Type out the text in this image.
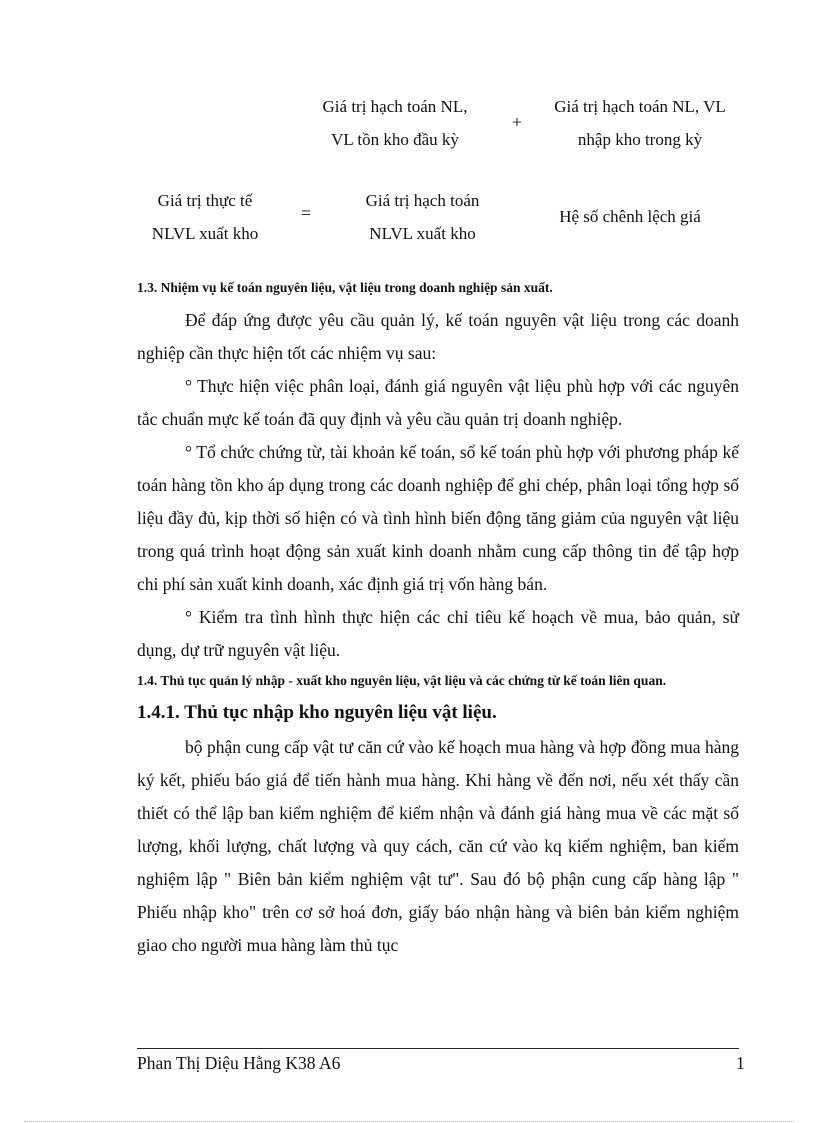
Giá trị hạch toán NL,
VL tồn kho đầu kỳ
+
Giá trị hạch toán NL, VL
nhập kho trong kỳ
Giá trị thực tế
NLVL xuất kho
=
Giá trị hạch toán
NLVL xuất kho
Hệ số chênh lệch giá

1.3. Nhiệm vụ kế toán nguyên liệu, vật liệu trong doanh nghiệp sản xuất.

Để đáp ứng được yêu cầu quản lý, kế toán nguyên vật liệu trong các doanh nghiệp cần thực hiện tốt các nhiệm vụ sau:

° Thực hiện việc phân loại, đánh giá nguyên vật liệu phù hợp với các nguyên tắc chuẩn mực kế toán đã quy định và yêu cầu quản trị doanh nghiệp.

° Tổ chức chứng từ, tài khoản kế toán, sổ kế toán phù hợp với phương pháp kế toán hàng tồn kho áp dụng trong các doanh nghiệp để ghi chép, phân loại tổng hợp số liệu đầy đủ, kịp thời số hiện có và tình hình biến động tăng giảm của nguyên vật liệu trong quá trình hoạt động sản xuất kinh doanh nhằm cung cấp thông tin để tập hợp chi phí sản xuất kinh doanh, xác định giá trị vốn hàng bán.

° Kiểm tra tình hình thực hiện các chỉ tiêu kế hoạch về mua, bảo quản, sử dụng, dự trữ nguyên vật liệu.

1.4. Thủ tục quản lý nhập - xuất kho nguyên liệu, vật liệu và các chứng từ kế toán liên quan.

1.4.1. Thủ tục nhập kho nguyên liệu vật liệu.

bộ phận cung cấp vật tư căn cứ vào kế hoạch mua hàng và hợp đồng mua hàng ký kết, phiếu báo giá để tiến hành mua hàng. Khi hàng về đến nơi, nếu xét thấy cần thiết có thể lập ban kiểm nghiệm để kiểm nhận và đánh giá hàng mua về các mặt số lượng, khối lượng, chất lượng và quy cách, căn cứ vào kq kiểm nghiệm, ban kiểm nghiệm lập " Biên bản kiểm nghiệm vật tư". Sau đó bộ phận cung cấp hàng lập " Phiếu nhập kho" trên cơ sở hoá đơn, giấy báo nhận hàng và biên bản kiểm nghiệm giao cho người mua hàng làm thủ tục

Phan Thị Diệu Hằng K38 A6	1
